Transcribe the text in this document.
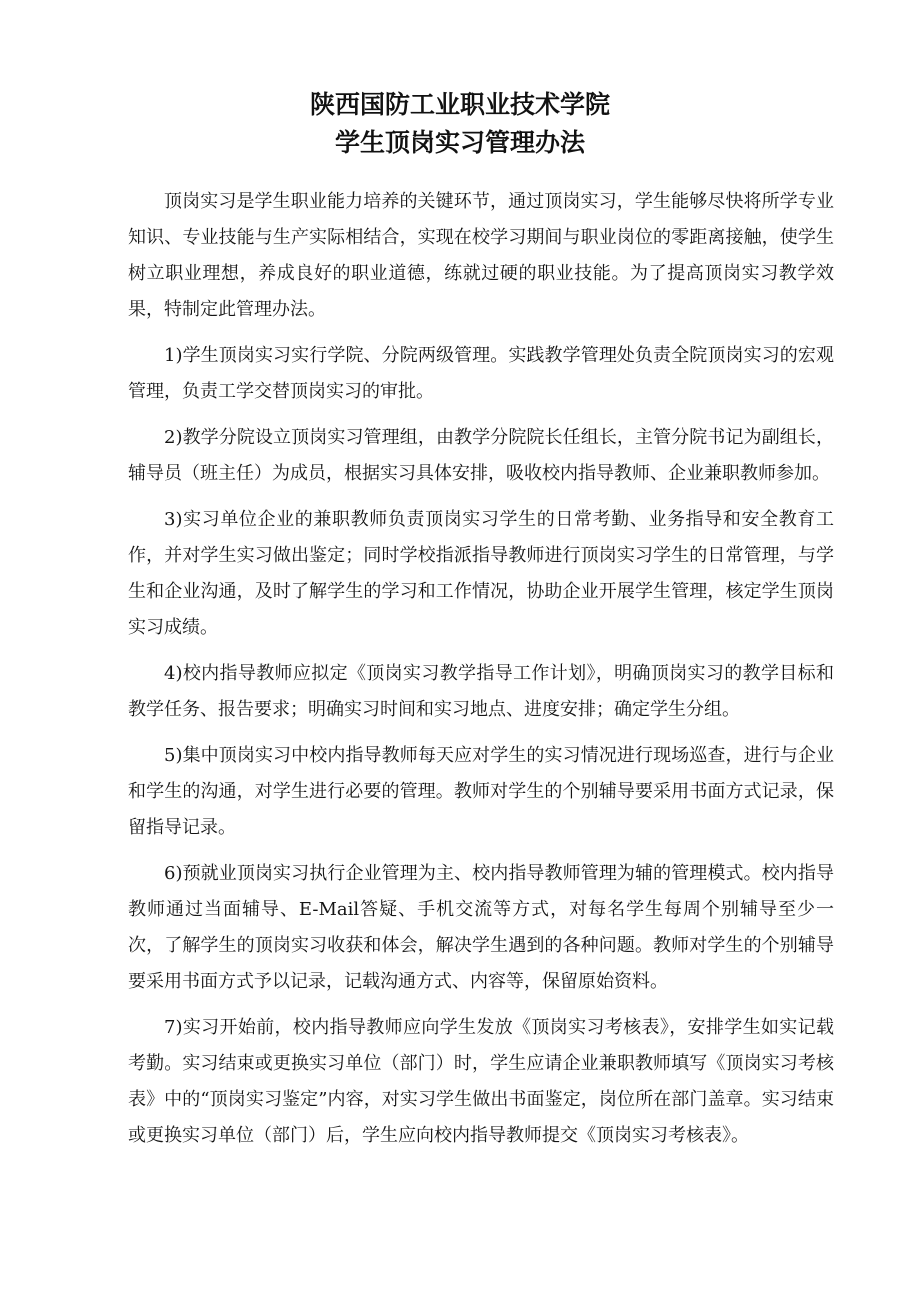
陕西国防工业职业技术学院
学生顶岗实习管理办法

顶岗实习是学生职业能力培养的关键环节，通过顶岗实习，学生能够尽快将所学专业知识、专业技能与生产实际相结合，实现在校学习期间与职业岗位的零距离接触，使学生树立职业理想，养成良好的职业道德，练就过硬的职业技能。为了提高顶岗实习教学效果，特制定此管理办法。

1)学生顶岗实习实行学院、分院两级管理。实践教学管理处负责全院顶岗实习的宏观管理，负责工学交替顶岗实习的审批。

2)教学分院设立顶岗实习管理组，由教学分院院长任组长，主管分院书记为副组长，辅导员（班主任）为成员，根据实习具体安排，吸收校内指导教师、企业兼职教师参加。

3)实习单位企业的兼职教师负责顶岗实习学生的日常考勤、业务指导和安全教育工作，并对学生实习做出鉴定；同时学校指派指导教师进行顶岗实习学生的日常管理，与学生和企业沟通，及时了解学生的学习和工作情况，协助企业开展学生管理，核定学生顶岗实习成绩。

4)校内指导教师应拟定《顶岗实习教学指导工作计划》，明确顶岗实习的教学目标和教学任务、报告要求；明确实习时间和实习地点、进度安排；确定学生分组。

5)集中顶岗实习中校内指导教师每天应对学生的实习情况进行现场巡查，进行与企业和学生的沟通，对学生进行必要的管理。教师对学生的个别辅导要采用书面方式记录，保留指导记录。

6)预就业顶岗实习执行企业管理为主、校内指导教师管理为辅的管理模式。校内指导教师通过当面辅导、E-Mail答疑、手机交流等方式，对每名学生每周个别辅导至少一次，了解学生的顶岗实习收获和体会，解决学生遇到的各种问题。教师对学生的个别辅导要采用书面方式予以记录，记载沟通方式、内容等，保留原始资料。

7)实习开始前，校内指导教师应向学生发放《顶岗实习考核表》，安排学生如实记载考勤。实习结束或更换实习单位（部门）时，学生应请企业兼职教师填写《顶岗实习考核表》中的“顶岗实习鉴定”内容，对实习学生做出书面鉴定，岗位所在部门盖章。实习结束或更换实习单位（部门）后，学生应向校内指导教师提交《顶岗实习考核表》。
